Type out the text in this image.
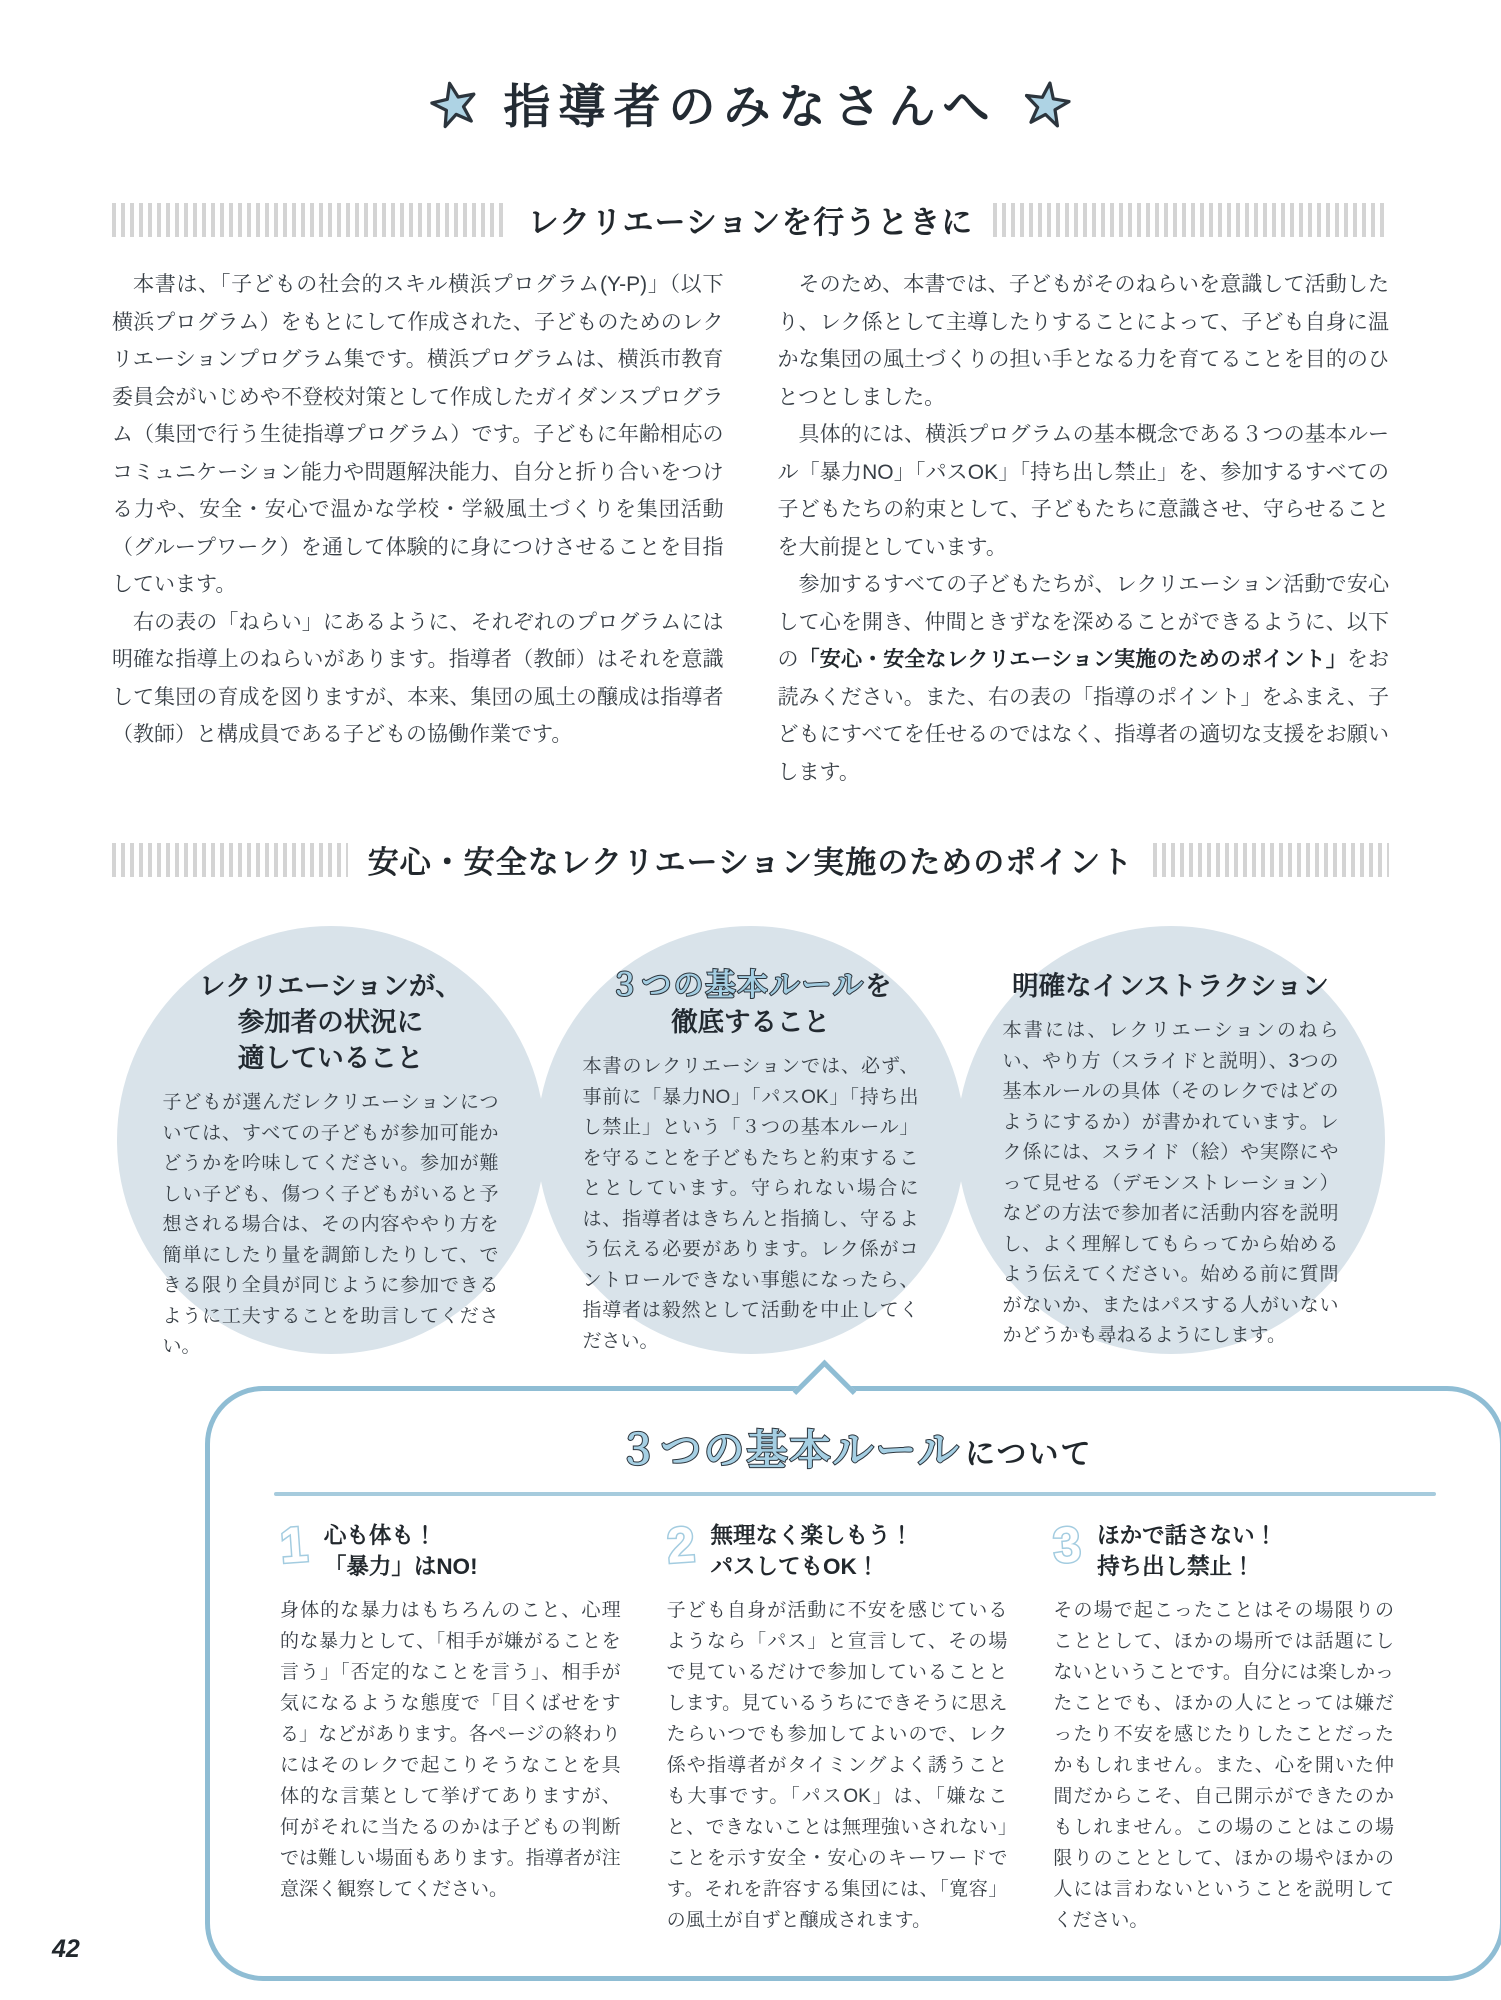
指導者のみなさんへ
レクリエーションを行うときに

本書は、「子どもの社会的スキル横浜プログラム(Y-P)」（以下横浜プログラム）をもとにして作成された、子どものためのレクリエーションプログラム集です。横浜プログラムは、横浜市教育委員会がいじめや不登校対策として作成したガイダンスプログラム（集団で行う生徒指導プログラム）です。子どもに年齢相応のコミュニケーション能力や問題解決能力、自分と折り合いをつける力や、安全・安心で温かな学校・学級風土づくりを集団活動（グループワーク）を通して体験的に身につけさせることを目指しています。

右の表の「ねらい」にあるように、それぞれのプログラムには明確な指導上のねらいがあります。指導者（教師）はそれを意識して集団の育成を図りますが、本来、集団の風土の醸成は指導者（教師）と構成員である子どもの協働作業です。

そのため、本書では、子どもがそのねらいを意識して活動したり、レク係として主導したりすることによって、子ども自身に温かな集団の風土づくりの担い手となる力を育てることを目的のひとつとしました。

具体的には、横浜プログラムの基本概念である３つの基本ルール「暴力NO」「パスOK」「持ち出し禁止」を、参加するすべての子どもたちの約束として、子どもたちに意識させ、守らせることを大前提としています。

参加するすべての子どもたちが、レクリエーション活動で安心して心を開き、仲間ときずなを深めることができるように、以下の「安心・安全なレクリエーション実施のためのポイント」をお読みください。また、右の表の「指導のポイント」をふまえ、子どもにすべてを任せるのではなく、指導者の適切な支援をお願いします。

安心・安全なレクリエーション実施のためのポイント
レクリエーションが、
参加者の状況に
適していること
子どもが選んだレクリエーションについては、すべての子どもが参加可能かどうかを吟味してください。参加が難しい子ども、傷つく子どもがいると予想される場合は、その内容ややり方を簡単にしたり量を調節したりして、できる限り全員が同じように参加できるように工夫することを助言してください。
３つの基本ルールを
徹底すること
本書のレクリエーションでは、必ず、事前に「暴力NO」「パスOK」「持ち出し禁止」という「３つの基本ルール」を守ることを子どもたちと約束することとしています。守られない場合には、指導者はきちんと指摘し、守るよう伝える必要があります。レク係がコントロールできない事態になったら、指導者は毅然として活動を中止してください。
明確なインストラクション
本書には、レクリエーションのねらい、やり方（スライドと説明）、3つの基本ルールの具体（そのレクではどのようにするか）が書かれています。レク係には、スライド（絵）や実際にやって見せる（デモンストレーション）などの方法で参加者に活動内容を説明し、よく理解してもらってから始めるよう伝えてください。始める前に質問がないか、またはパスする人がいないかどうかも尋ねるようにします。
３つの基本ルール について
1 心も体も！
「暴力」はNO!
身体的な暴力はもちろんのこと、心理的な暴力として、「相手が嫌がることを言う」「否定的なことを言う」、相手が気になるような態度で「目くばせをする」などがあります。各ページの終わりにはそのレクで起こりそうなことを具体的な言葉として挙げてありますが、何がそれに当たるのかは子どもの判断では難しい場面もあります。指導者が注意深く観察してください。
2 無理なく楽しもう！
パスしてもOK！
子ども自身が活動に不安を感じているようなら「パス」と宣言して、その場で見ているだけで参加していることとします。見ているうちにできそうに思えたらいつでも参加してよいので、レク係や指導者がタイミングよく誘うことも大事です。「パスOK」は、「嫌なこと、できないことは無理強いされない」ことを示す安全・安心のキーワードです。それを許容する集団には、「寛容」の風土が自ずと醸成されます。
3 ほかで話さない！
持ち出し禁止！
その場で起こったことはその場限りのこととして、ほかの場所では話題にしないということです。自分には楽しかったことでも、ほかの人にとっては嫌だったり不安を感じたりしたことだったかもしれません。また、心を開いた仲間だからこそ、自己開示ができたのかもしれません。この場のことはこの場限りのこととして、ほかの場やほかの人には言わないということを説明してください。
42
